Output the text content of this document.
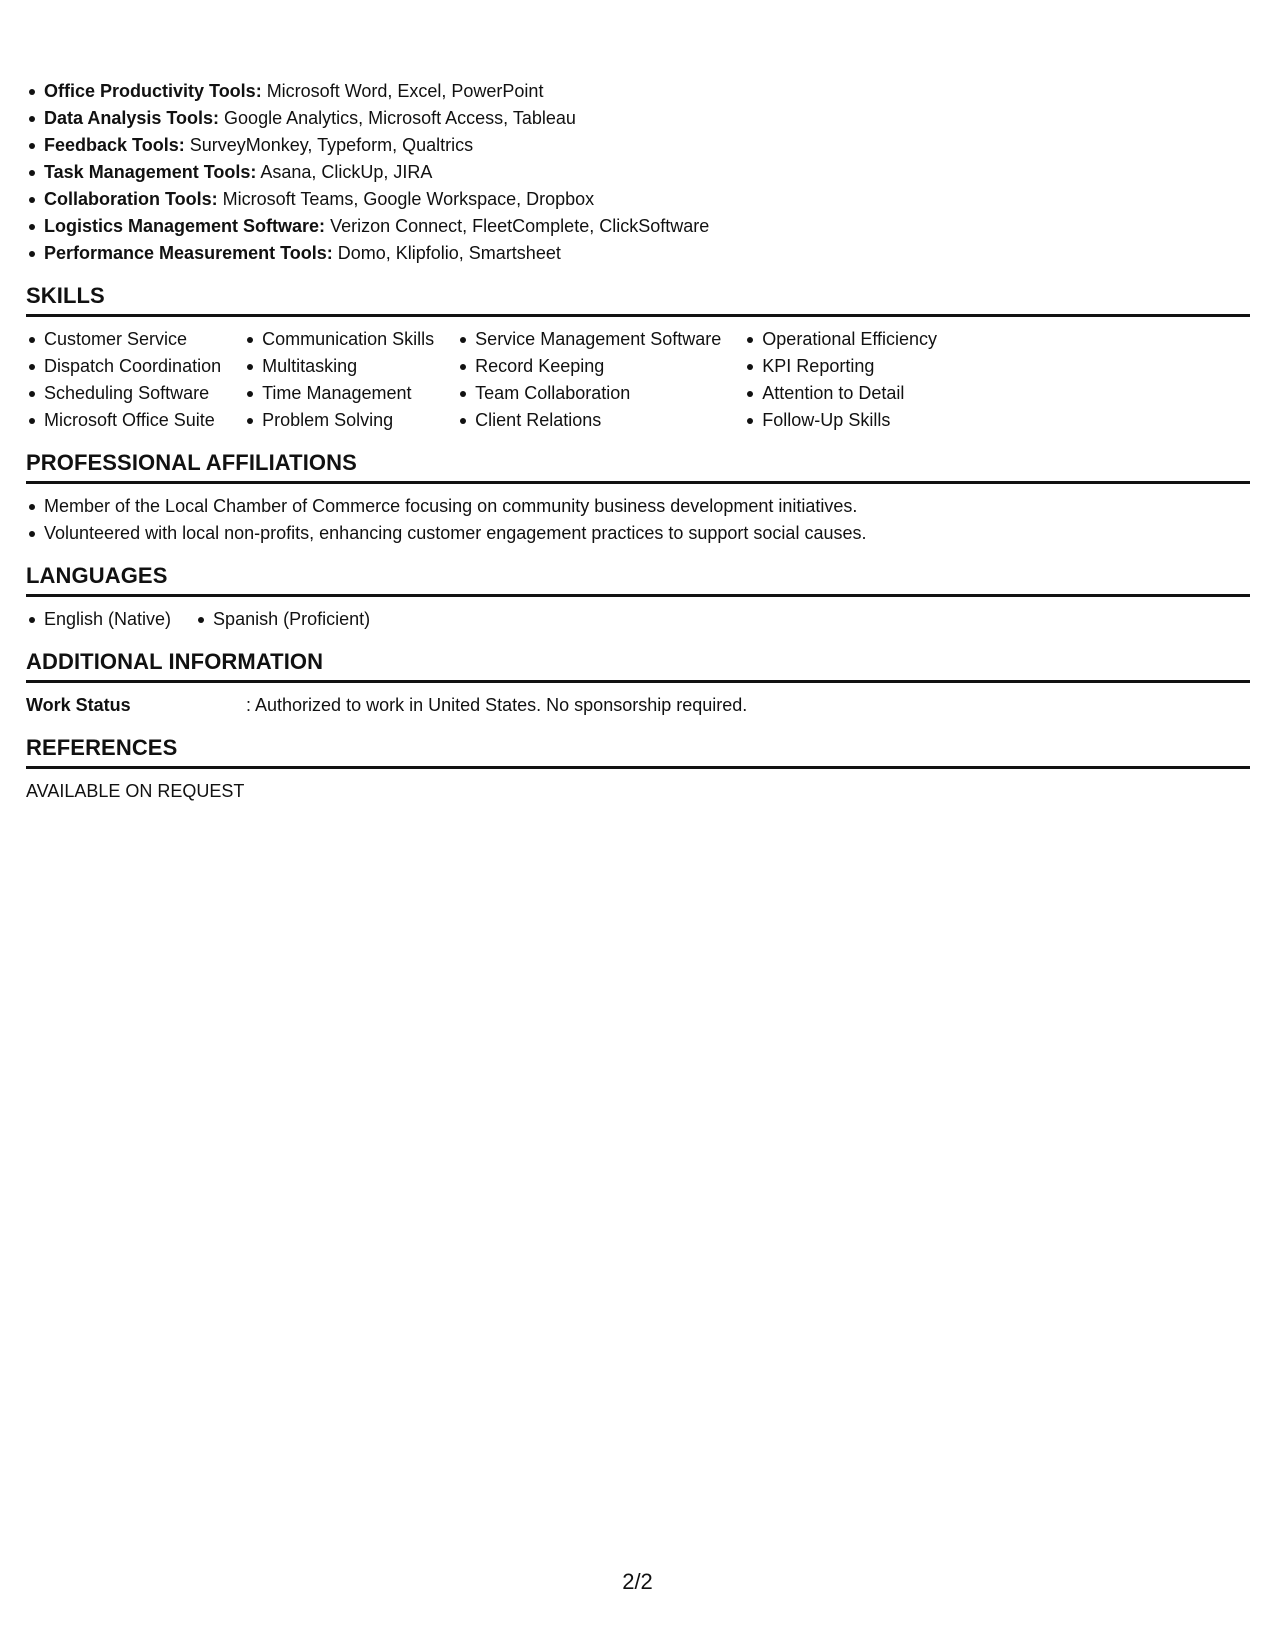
Office Productivity Tools: Microsoft Word, Excel, PowerPoint
Data Analysis Tools: Google Analytics, Microsoft Access, Tableau
Feedback Tools: SurveyMonkey, Typeform, Qualtrics
Task Management Tools: Asana, ClickUp, JIRA
Collaboration Tools: Microsoft Teams, Google Workspace, Dropbox
Logistics Management Software: Verizon Connect, FleetComplete, ClickSoftware
Performance Measurement Tools: Domo, Klipfolio, Smartsheet
SKILLS
Customer Service
Dispatch Coordination
Scheduling Software
Microsoft Office Suite
Communication Skills
Multitasking
Time Management
Problem Solving
Service Management Software
Record Keeping
Team Collaboration
Client Relations
Operational Efficiency
KPI Reporting
Attention to Detail
Follow-Up Skills
PROFESSIONAL AFFILIATIONS
Member of the Local Chamber of Commerce focusing on community business development initiatives.
Volunteered with local non-profits, enhancing customer engagement practices to support social causes.
LANGUAGES
English (Native)	Spanish (Proficient)
ADDITIONAL INFORMATION
Work Status	: Authorized to work in United States. No sponsorship required.
REFERENCES
AVAILABLE ON REQUEST
2/2
